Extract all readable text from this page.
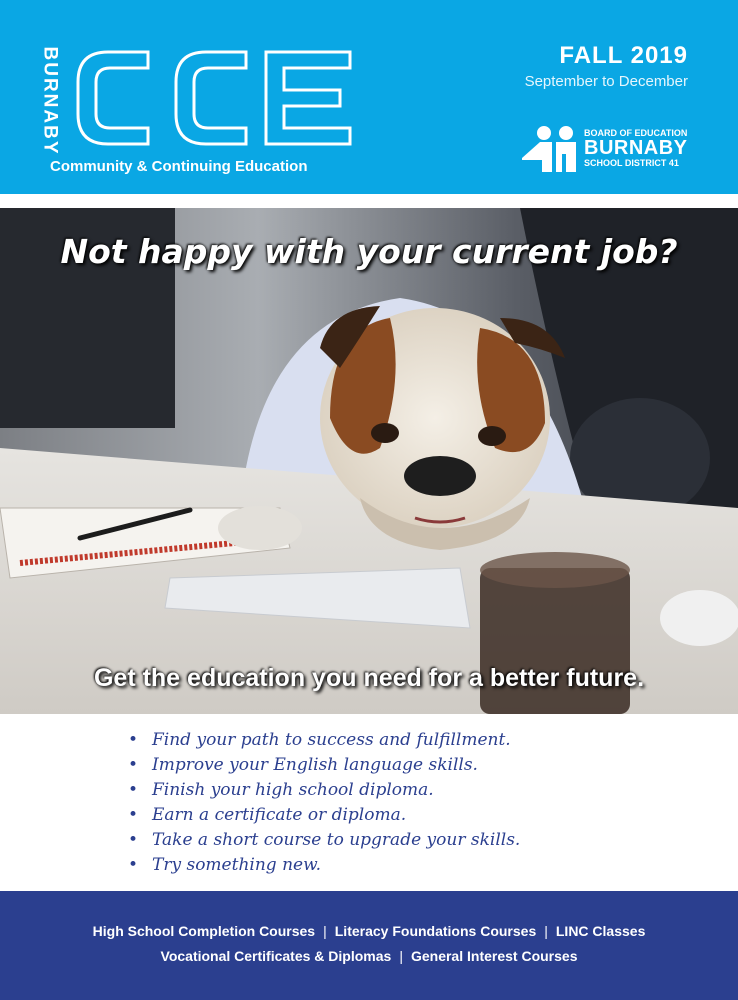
BURNABY
Community & Continuing Education
FALL 2019
September to December
BOARD OF EDUCATION
BURNABY
SCHOOL DISTRICT 41
Not happy with your current job?
Get the education you need for a better future.
• Find your path to success and fulfillment.
• Improve your English language skills.
• Finish your high school diploma.
• Earn a certificate or diploma.
• Take a short course to upgrade your skills.
• Try something new.
High School Completion Courses | Literacy Foundations Courses | LINC Classes
Vocational Certificates & Diplomas | General Interest Courses
